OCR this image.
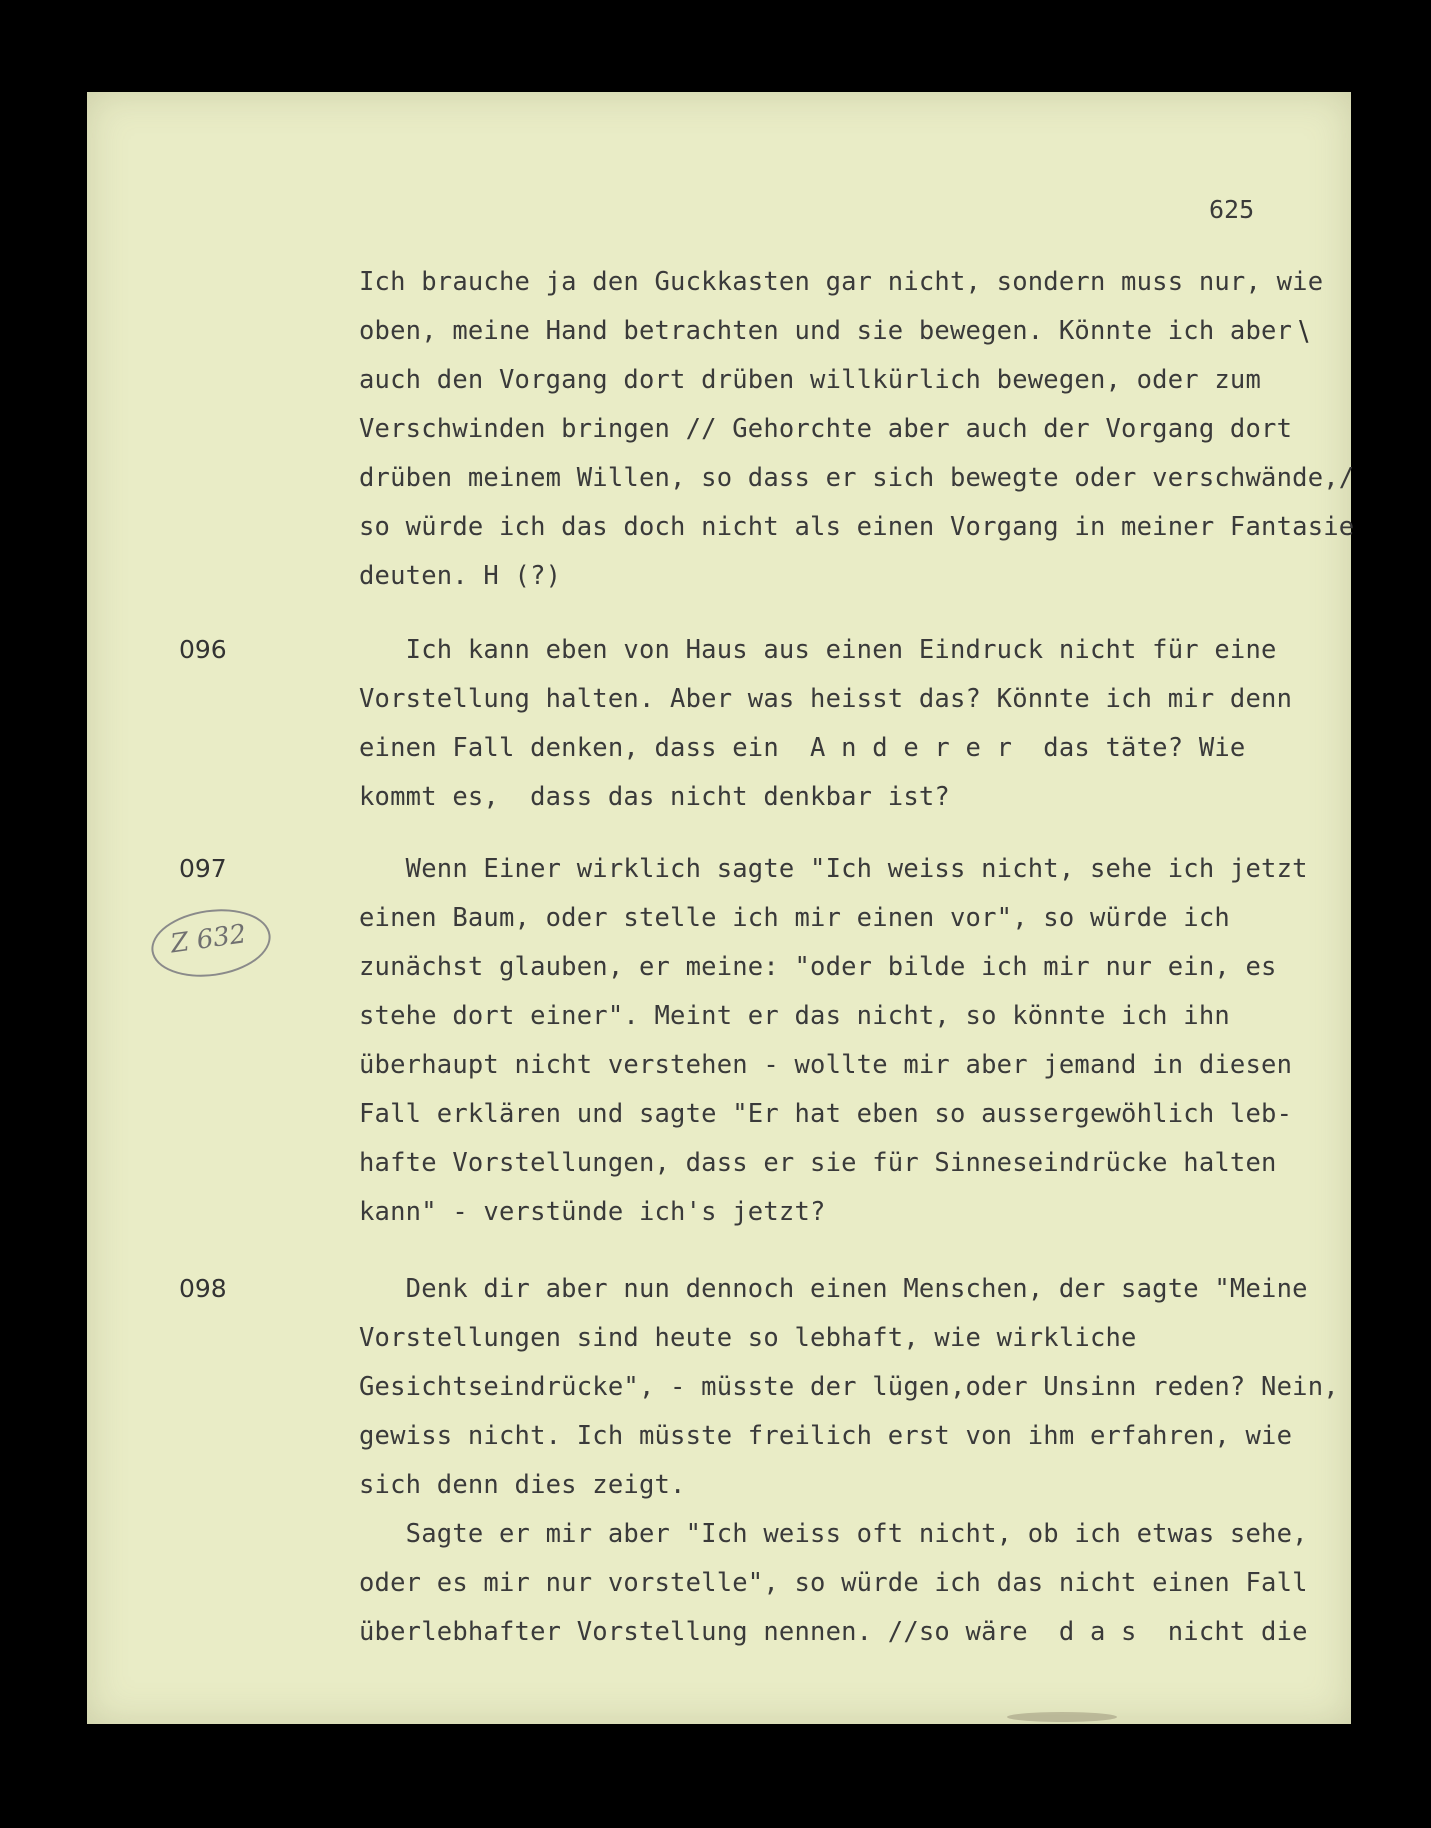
625
\
Ich brauche ja den Guckkasten gar nicht, sondern muss nur, wie
oben, meine Hand betrachten und sie bewegen. Könnte ich aber
auch den Vorgang dort drüben willkürlich bewegen, oder zum
Verschwinden bringen // Gehorchte aber auch der Vorgang dort
drüben meinem Willen, so dass er sich bewegte oder verschwände,/
so würde ich das doch nicht als einen Vorgang in meiner Fantasie
deuten. H (?)
096	Ich kann eben von Haus aus einen Eindruck nicht für eine
Vorstellung halten. Aber was heisst das? Könnte ich mir denn
einen Fall denken, dass ein  A n d e r e r  das täte? Wie
kommt es,  dass das nicht denkbar ist?
097
Z 632
Wenn Einer wirklich sagte "Ich weiss nicht, sehe ich jetzt
einen Baum, oder stelle ich mir einen vor", so würde ich
zunächst glauben, er meine: "oder bilde ich mir nur ein, es
stehe dort einer". Meint er das nicht, so könnte ich ihn
überhaupt nicht verstehen - wollte mir aber jemand in diesen
Fall erklären und sagte "Er hat eben so aussergewöhlich leb-
hafte Vorstellungen, dass er sie für Sinneseindrücke halten
kann" - verstünde ich's jetzt?
098	Denk dir aber nun dennoch einen Menschen, der sagte "Meine
Vorstellungen sind heute so lebhaft, wie wirkliche
Gesichtseindrücke", - müsste der lügen,oder Unsinn reden? Nein,
gewiss nicht. Ich müsste freilich erst von ihm erfahren, wie
sich denn dies zeigt.
Sagte er mir aber "Ich weiss oft nicht, ob ich etwas sehe,
oder es mir nur vorstelle", so würde ich das nicht einen Fall
überlebhafter Vorstellung nennen. //so wäre  d a s  nicht die
